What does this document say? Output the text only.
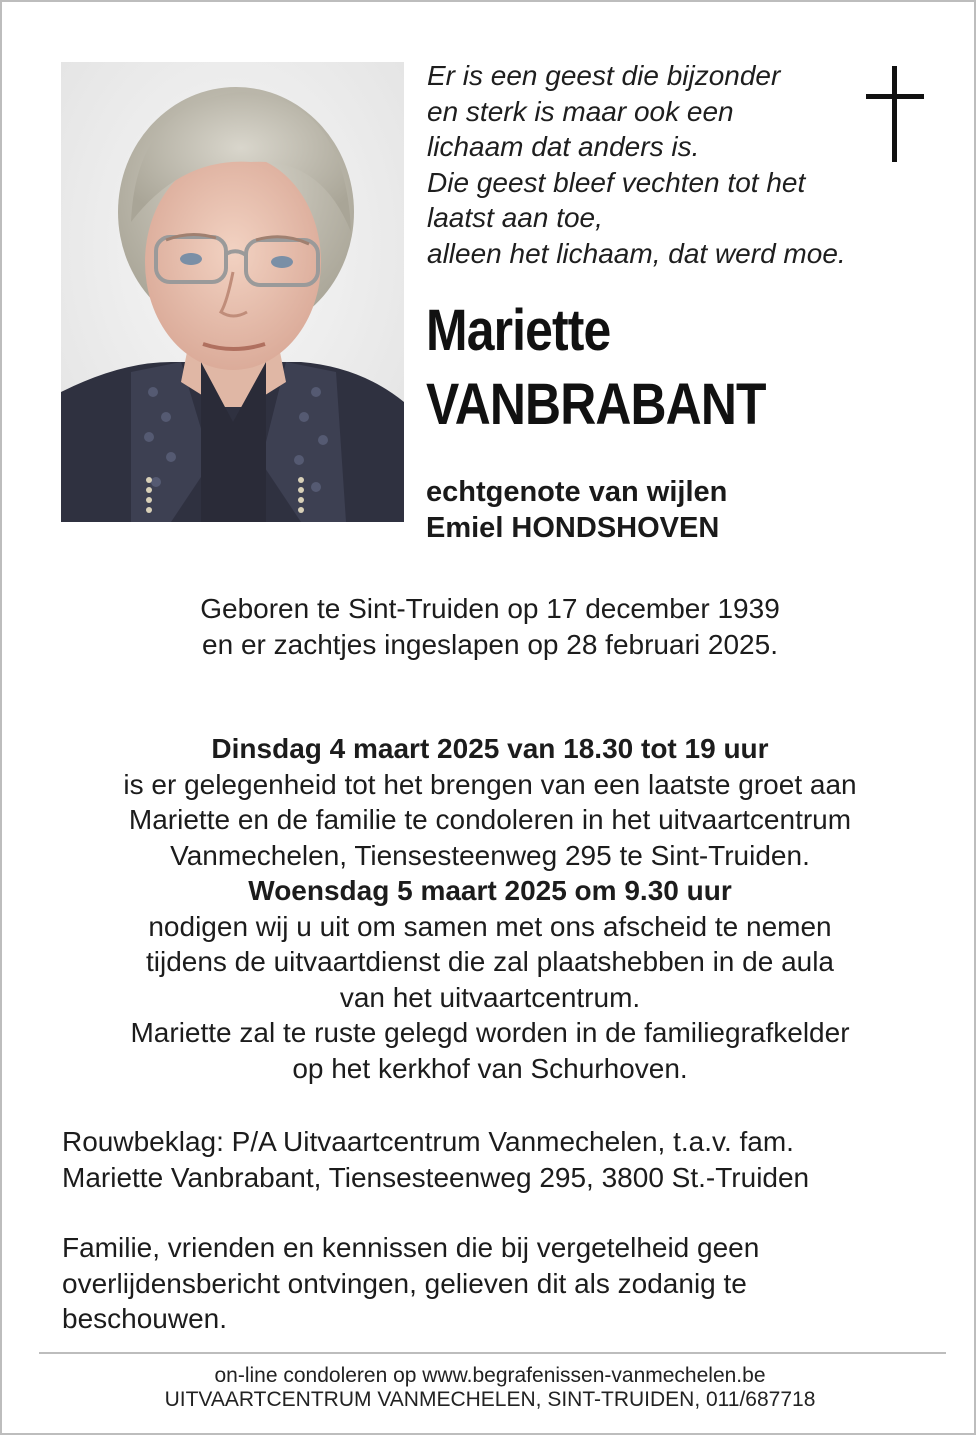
Er is een geest die bijzonder
en sterk is maar ook een
lichaam dat anders is.
Die geest bleef vechten tot het
laatst aan toe,
alleen het lichaam, dat werd moe.
Mariette
VANBRABANT
echtgenote van wijlen
Emiel HONDSHOVEN
Geboren te Sint-Truiden op 17 december 1939
en er zachtjes ingeslapen op 28 februari 2025.
Dinsdag 4 maart 2025 van 18.30 tot 19 uur
is er gelegenheid tot het brengen van een laatste groet aan
Mariette en de familie te condoleren in het uitvaartcentrum
Vanmechelen, Tiensesteenweg 295 te Sint-Truiden.
Woensdag 5 maart 2025 om 9.30 uur
nodigen wij u uit om samen met ons afscheid te nemen
tijdens de uitvaartdienst die zal plaatshebben in de aula
van het uitvaartcentrum.
Mariette zal te ruste gelegd worden in de familiegrafkelder
op het kerkhof van Schurhoven.
Rouwbeklag: P/A Uitvaartcentrum Vanmechelen, t.a.v. fam.
Mariette Vanbrabant, Tiensesteenweg 295, 3800 St.-Truiden
Familie, vrienden en kennissen die bij vergetelheid geen
overlijdensbericht ontvingen, gelieven dit als zodanig te
beschouwen.
on-line condoleren op www.begrafenissen-vanmechelen.be
UITVAARTCENTRUM VANMECHELEN, SINT-TRUIDEN, 011/687718
